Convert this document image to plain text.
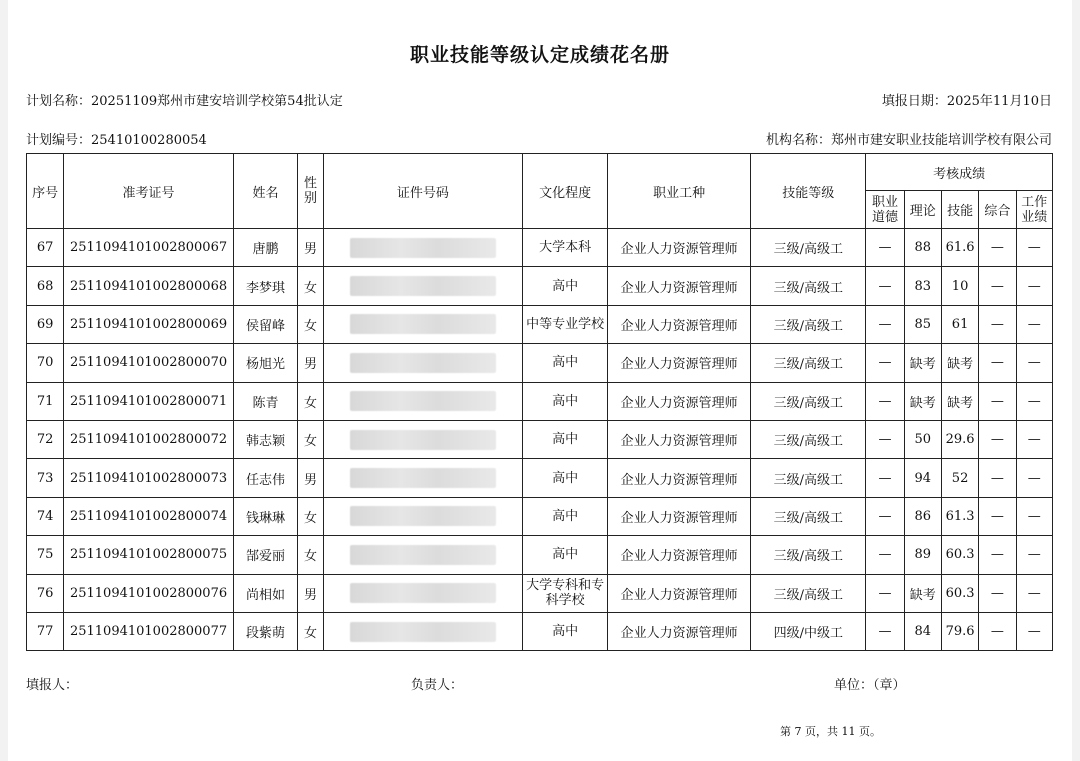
职业技能等级认定成绩花名册
计划名称：20251109郑州市建安培训学校第54批认定	填报日期：2025年11月10日
计划编号：25410100280054	机构名称：郑州市建安职业技能培训学校有限公司
序号	准考证号	姓名	性别	证件号码	文化程度	职业工种	技能等级	考核成绩				
								职业道德	理论	技能	综合	工作业绩
67	2511094101002800067	唐鹏	男		大学本科	企业人力资源管理师	三级/高级工	—	88	61.6	—	—
68	2511094101002800068	李梦琪	女		高中	企业人力资源管理师	三级/高级工	—	83	10	—	—
69	2511094101002800069	侯留峰	女		中等专业学校	企业人力资源管理师	三级/高级工	—	85	61	—	—
70	2511094101002800070	杨旭光	男		高中	企业人力资源管理师	三级/高级工	—	缺考	缺考	—	—
71	2511094101002800071	陈青	女		高中	企业人力资源管理师	三级/高级工	—	缺考	缺考	—	—
72	2511094101002800072	韩志颖	女		高中	企业人力资源管理师	三级/高级工	—	50	29.6	—	—
73	2511094101002800073	任志伟	男		高中	企业人力资源管理师	三级/高级工	—	94	52	—	—
74	2511094101002800074	钱琳琳	女		高中	企业人力资源管理师	三级/高级工	—	86	61.3	—	—
75	2511094101002800075	郜爱丽	女		高中	企业人力资源管理师	三级/高级工	—	89	60.3	—	—
76	2511094101002800076	尚相如	男		大学专科和专科学校	企业人力资源管理师	三级/高级工	—	缺考	60.3	—	—
77	2511094101002800077	段紫萌	女		高中	企业人力资源管理师	四级/中级工	—	84	79.6	—	—
填报人：	负责人：	单位：（章）
第 7 页，共 11 页。
